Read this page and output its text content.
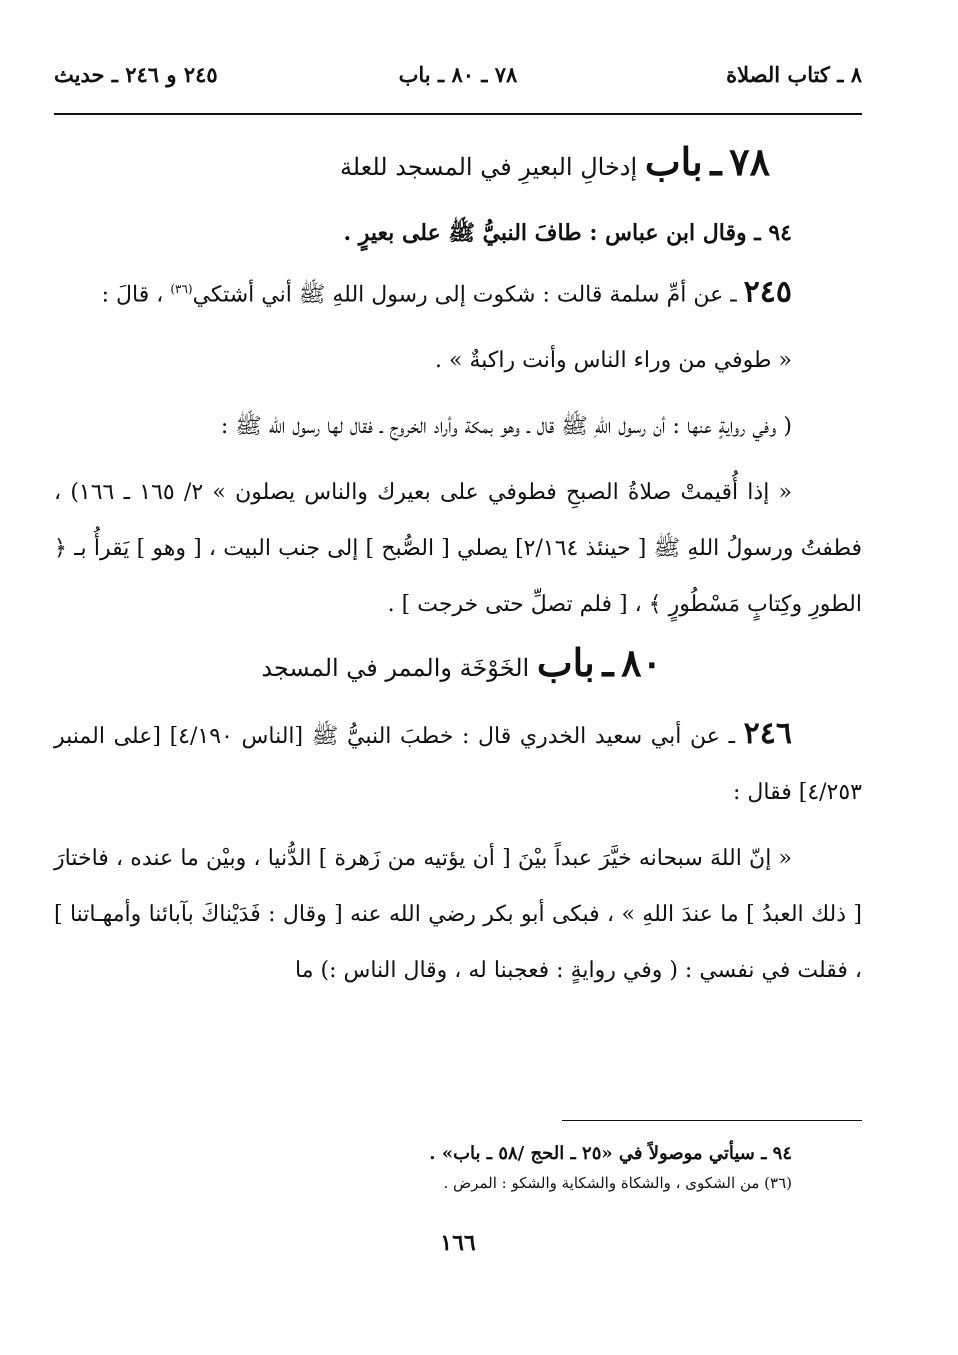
٨ ـ كتاب الصلاة
٧٨ ـ ٨٠ ـ باب
٢٤٥ و ٢٤٦ ـ حديث
٧٨ ـ باب إدخالِ البعيرِ في المسجد للعلة

٩٤ ـ وقال ابن عباس : طافَ النبيُّ ﷺ على بعيرٍ .

٢٤٥ ـ عن أمِّ سلمة قالت : شكوت إلى رسول اللهِ ﷺ أني أشتكي$^{(٣٦)}$ ، قالَ :

« طوفي من وراء الناس وأنت راكبةٌ » .

( وفي روايةٍ عنها : أن رسول اللهِ ﷺ قال ـ وهو بمكة وأراد الخروج ـ فقال لها رسول الله ﷺ :

« إذا أُقيمتْ صلاةُ الصبحِ فطوفي على بعيرك والناس يصلون » ٢/ ١٦٥ ـ ١٦٦) ، فطفتُ ورسولُ اللهِ ﷺ [ حينئذ ٢/١٦٤] يصلي [ الصُّبح ] إلى جنب البيت ، [ وهو ] يَقرأُ بـ ﴿ الطورِ وكِتابٍ مَسْطُورٍ ﴾ ، [ فلم تصلِّ حتى خرجت ] .

٨٠ ـ باب الخَوْخَة والممر في المسجد

٢٤٦ ـ عن أبي سعيد الخدري قال : خطبَ النبيُّ ﷺ [الناس ٤/١٩٠] [على المنبر ٤/٢٥٣] فقال :

« إنّ اللهَ سبحانه خيَّرَ عبداً بيْنَ [ أن يؤتيه من زَهرة ] الدُّنيا ، وبيْن ما عنده ، فاختارَ [ ذلك العبدُ ] ما عندَ اللهِ » ، فبكى أبو بكر رضي الله عنه [ وقال : فَدَيْناكَ بآبائنا وأمهـاتنا ] ، فقلت في نفسي : ( وفي روايةٍ : فعجبنا له ، وقال الناس :) ما

٩٤ ـ سيأتي موصولاً في «٢٥ ـ الحج /٥٨ ـ باب» .
(٣٦) من الشكوى ، والشكاة والشكاية والشكو : المرض .
١٦٦
